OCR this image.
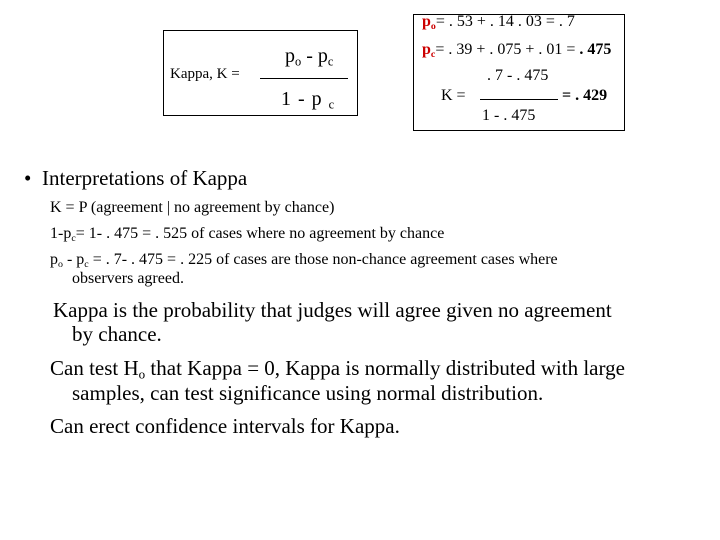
Kappa, K =
$p_o - p_c$
1 - p $_c$
$p_o=$ . 53 + . 14 . 03 = . 7
$p_c=$ . 39 + . 075 + . 01 = . 475
. 7 - . 475
K =	= . 429
1 - . 475
• Interpretations of Kappa
K = P (agreement | no agreement by chance)
$1-p_c= 1-$ . 475 = . 525 of cases where no agreement by chance
$p_o - p_c$ = . 7- . 475 = . 225 of cases are those non-chance agreement cases where
observers agreed.
Kappa is the probability that judges will agree given no agreement
by chance.
Can test $H_o$ that Kappa = 0, Kappa is normally distributed with large
samples, can test significance using normal distribution.
Can erect confidence intervals for Kappa.
